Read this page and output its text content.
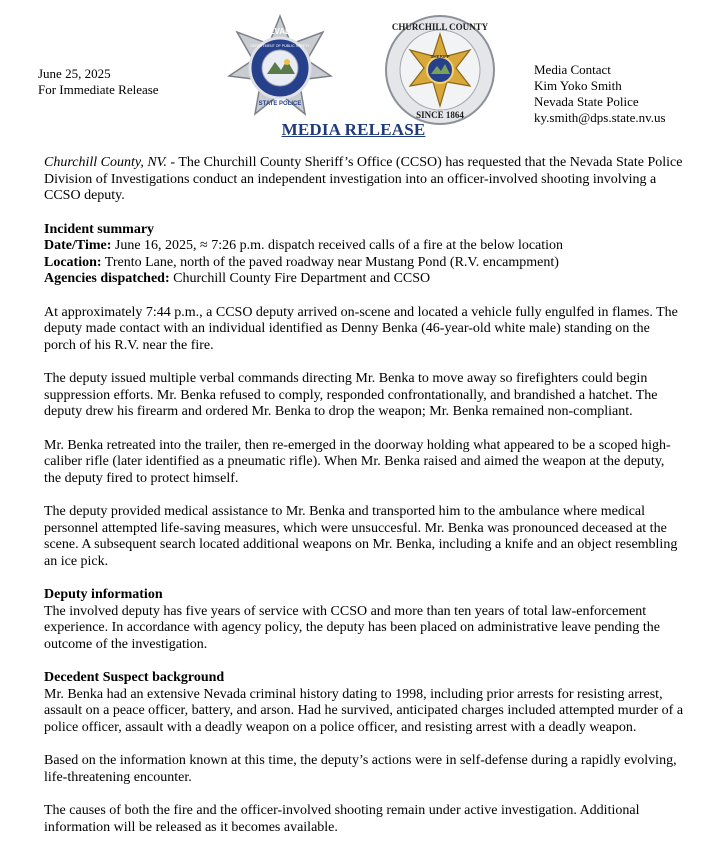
June 25, 2025
For Immediate Release
NEVADA
DEPARTMENT OF PUBLIC SAFETY
STATE POLICE
CHURCHILL COUNTY
SHERIFF
SINCE 1864
Media Contact
Kim Yoko Smith
Nevada State Police
ky.smith@dps.state.nv.us
MEDIA RELEASE

Churchill County, NV. - The Churchill County Sheriff’s Office (CCSO) has requested that the Nevada State Police Division of Investigations conduct an independent investigation into an officer-involved shooting involving a CCSO deputy.

Incident summary
Date/Time: June 16, 2025, ≈ 7:26 p.m. dispatch received calls of a fire at the below location
Location: Trento Lane, north of the paved roadway near Mustang Pond (R.V. encampment)
Agencies dispatched: Churchill County Fire Department and CCSO

At approximately 7:44 p.m., a CCSO deputy arrived on-scene and located a vehicle fully engulfed in flames. The deputy made contact with an individual identified as Denny Benka (46-year-old white male) standing on the porch of his R.V. near the fire.

The deputy issued multiple verbal commands directing Mr. Benka to move away so firefighters could begin suppression efforts. Mr. Benka refused to comply, responded confrontationally, and brandished a hatchet. The deputy drew his firearm and ordered Mr. Benka to drop the weapon; Mr. Benka remained non-compliant.

Mr. Benka retreated into the trailer, then re-emerged in the doorway holding what appeared to be a scoped high-caliber rifle (later identified as a pneumatic rifle). When Mr. Benka raised and aimed the weapon at the deputy, the deputy fired to protect himself.

The deputy provided medical assistance to Mr. Benka and transported him to the ambulance where medical personnel attempted life-saving measures, which were unsuccesful. Mr. Benka was pronounced deceased at the scene. A subsequent search located additional weapons on Mr. Benka, including a knife and an object resembling an ice pick.

Deputy information
The involved deputy has five years of service with CCSO and more than ten years of total law-enforcement experience. In accordance with agency policy, the deputy has been placed on administrative leave pending the outcome of the investigation.

Decedent Suspect background
Mr. Benka had an extensive Nevada criminal history dating to 1998, including prior arrests for resisting arrest, assault on a peace officer, battery, and arson. Had he survived, anticipated charges included attempted murder of a police officer, assault with a deadly weapon on a police officer, and resisting arrest with a deadly weapon.

Based on the information known at this time, the deputy’s actions were in self-defense during a rapidly evolving, life-threatening encounter.

The causes of both the fire and the officer-involved shooting remain under active investigation. Additional information will be released as it becomes available.
